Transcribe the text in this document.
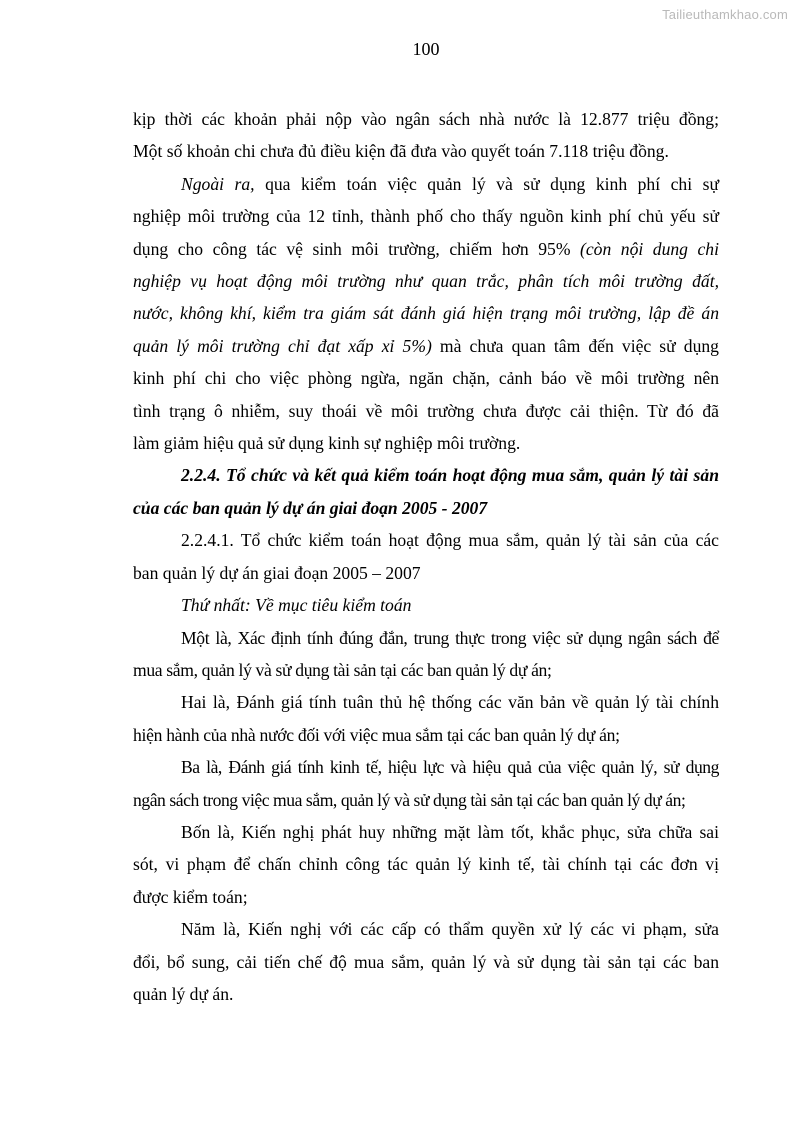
Tailieuthamkhao.com
100
kịp thời các khoản phải nộp vào ngân sách nhà nước là 12.877 triệu đồng;
Một số khoản chi chưa đủ điều kiện đã đưa vào quyết toán 7.118 triệu đồng.
Ngoài ra, qua kiểm toán việc quản lý và sử dụng kinh phí chi sự
nghiệp môi trường của 12 tỉnh, thành phố cho thấy nguồn kinh phí chủ yếu sử
dụng cho công tác vệ sinh môi trường, chiếm hơn 95% (còn nội dung chi
nghiệp vụ hoạt động môi trường như quan trắc, phân tích môi trường đất,
nước, không khí, kiểm tra giám sát đánh giá hiện trạng môi trường, lập đề án
quản lý môi trường chỉ đạt xấp xỉ 5%) mà chưa quan tâm đến việc sử dụng
kinh phí chi cho việc phòng ngừa, ngăn chặn, cảnh báo về môi trường nên
tình trạng ô nhiễm, suy thoái về môi trường chưa được cải thiện. Từ đó đã
làm giảm hiệu quả sử dụng kinh sự nghiệp môi trường.
2.2.4. Tổ chức và kết quả kiểm toán hoạt động mua sắm, quản lý tài sản
của các ban quản lý dự án giai đoạn 2005 - 2007
2.2.4.1. Tổ chức kiểm toán hoạt động mua sắm, quản lý tài sản của các
ban quản lý dự án giai đoạn 2005 – 2007
Thứ nhất: Về mục tiêu kiểm toán
Một là, Xác định tính đúng đắn, trung thực trong việc sử dụng ngân sách để
mua sắm, quản lý và sử dụng tài sản tại các ban quản lý dự án;
Hai là, Đánh giá tính tuân thủ hệ thống các văn bản về quản lý tài chính
hiện hành của nhà nước đối với việc mua sắm tại các ban quản lý dự án;
Ba là, Đánh giá tính kinh tế, hiệu lực và hiệu quả của việc quản lý, sử dụng
ngân sách trong việc mua sắm, quản lý và sử dụng tài sản tại các ban quản lý dự án;
Bốn là, Kiến nghị phát huy những mặt làm tốt, khắc phục, sửa chữa sai
sót, vi phạm để chấn chỉnh công tác quản lý kinh tế, tài chính tại các đơn vị
được kiểm toán;
Năm là, Kiến nghị với các cấp có thẩm quyền xử lý các vi phạm, sửa
đổi, bổ sung, cải tiến chế độ mua sắm, quản lý và sử dụng tài sản tại các ban
quản lý dự án.
